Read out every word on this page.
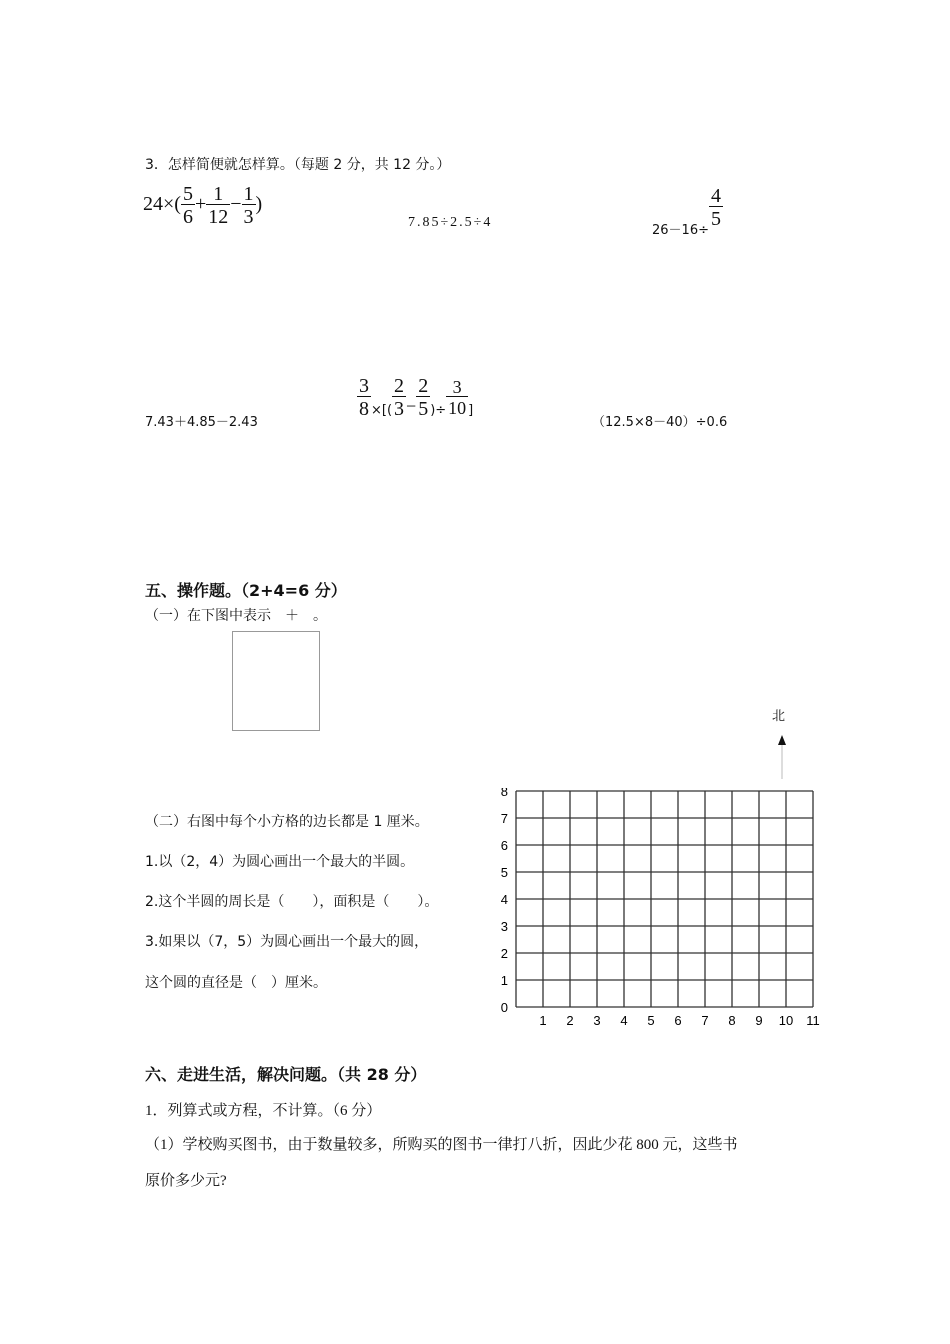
3．怎样简便就怎样算。（每题 2 分，共 12 分。）
$24\times( \frac{5}{6} + \frac{1}{12} - \frac{1}{3}$ )
7.85÷2.5÷4
$_{26-16\div}$
$\frac{4}{5}$
7.43＋4.85－2.43
$\frac{3}{8} _{\times[(} \frac{2}{3} - \frac{2}{5} _{)\div} \frac{3}{10} _]$
（12.5×8－40）÷0.6
五、操作题。（2+4=6 分）
（一）在下图中表示　＋　。
北
（二）右图中每个小方格的边长都是 1 厘米。
1.以（2，4）为圆心画出一个最大的半圆。
2.这个半圆的周长是（　　），面积是（　　）。
3.如果以（7，5）为圆心画出一个最大的圆，
这个圆的直径是（　）厘米。
1 2 3 4 5 6 7 8 9 10 11
0
1
2
3
4
5
6
7
8
六、走进生活，解决问题。（共 28 分）
1．列算式或方程，不计算。（6 分）
（1）学校购买图书，由于数量较多，所购买的图书一律打八折，因此少花 800 元，这些书
原价多少元?
